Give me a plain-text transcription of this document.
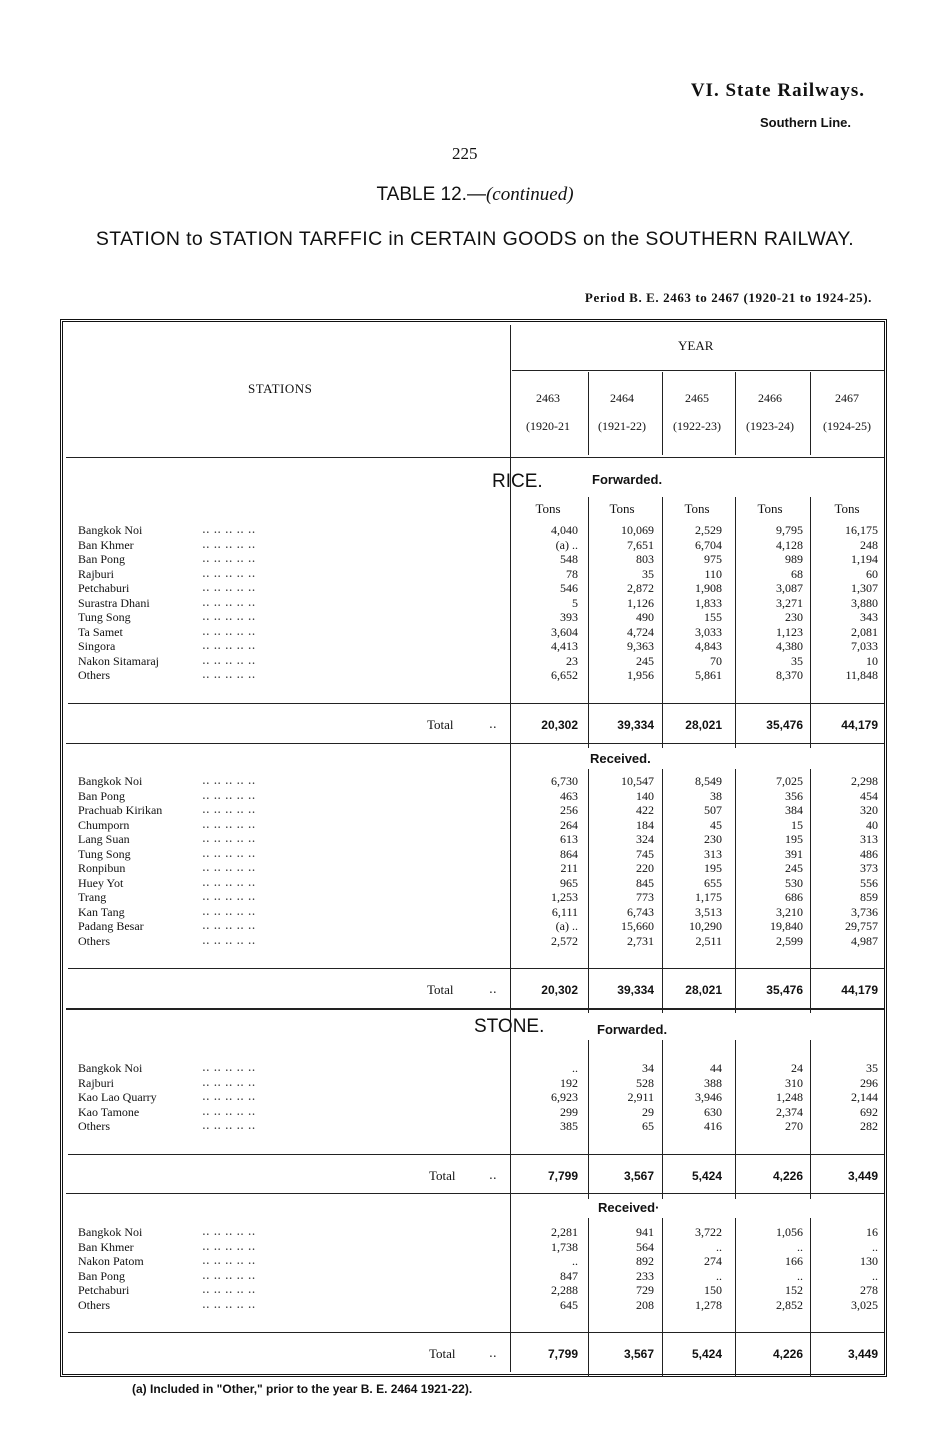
VI. State Railways.
Southern Line.
225
TABLE 12.—(continued)
STATION to STATION TARFFIC in CERTAIN GOODS on the SOUTHERN RAILWAY.
Period B. E. 2463 to 2467 (1920-21 to 1924-25).
STATIONS
YEAR
(a) Included in "Other," prior to the year B. E. 2464 1921-22).
2463
(1920-21
2464
(1921-22)
2465
(1922-23)
2466
(1923-24)
2467
(1924-25)
RICE.
Tons	Tons	Tons	Tons	Tons
Forwarded.
Bangkok Noi	.. .. .. .. ..	4,040	10,069	2,529	9,795	16,175
Ban Khmer	.. .. .. .. ..	(a) ..	7,651	6,704	4,128	248
Ban Pong	.. .. .. .. ..	548	803	975	989	1,194
Rajburi	.. .. .. .. ..	78	35	110	68	60
Petchaburi	.. .. .. .. ..	546	2,872	1,908	3,087	1,307
Surastra Dhani	.. .. .. .. ..	5	1,126	1,833	3,271	3,880
Tung Song	.. .. .. .. ..	393	490	155	230	343
Ta Samet	.. .. .. .. ..	3,604	4,724	3,033	1,123	2,081
Singora	.. .. .. .. ..	4,413	9,363	4,843	4,380	7,033
Nakon Sitamaraj	.. .. .. .. ..	23	245	70	35	10
Others	.. .. .. .. ..	6,652	1,956	5,861	8,370	11,848
Total	..	20,302	39,334	28,021	35,476	44,179
Received.
Bangkok Noi	.. .. .. .. ..	6,730	10,547	8,549	7,025	2,298
Ban Pong	.. .. .. .. ..	463	140	38	356	454
Prachuab Kirikan	.. .. .. .. ..	256	422	507	384	320
Chumporn	.. .. .. .. ..	264	184	45	15	40
Lang Suan	.. .. .. .. ..	613	324	230	195	313
Tung Song	.. .. .. .. ..	864	745	313	391	486
Ronpibun	.. .. .. .. ..	211	220	195	245	373
Huey Yot	.. .. .. .. ..	965	845	655	530	556
Trang	.. .. .. .. ..	1,253	773	1,175	686	859
Kan Tang	.. .. .. .. ..	6,111	6,743	3,513	3,210	3,736
Padang Besar	.. .. .. .. ..	(a) ..	15,660	10,290	19,840	29,757
Others	.. .. .. .. ..	2,572	2,731	2,511	2,599	4,987
Total	..	20,302	39,334	28,021	35,476	44,179
STONE.	Forwarded.
Bangkok Noi	.. .. .. .. ..	..	34	44	24	35
Rajburi	.. .. .. .. ..	192	528	388	310	296
Kao Lao Quarry	.. .. .. .. ..	6,923	2,911	3,946	1,248	2,144
Kao Tamone	.. .. .. .. ..	299	29	630	2,374	692
Others	.. .. .. .. ..	385	65	416	270	282
Total	..	7,799	3,567	5,424	4,226	3,449
Received·
Bangkok Noi	.. .. .. .. ..	2,281	941	3,722	1,056	16
Ban Khmer	.. .. .. .. ..	1,738	564	..	..	..
Nakon Patom	.. .. .. .. ..	..	892	274	166	130
Ban Pong	.. .. .. .. ..	847	233	..	..	..
Petchaburi	.. .. .. .. ..	2,288	729	150	152	278
Others	.. .. .. .. ..	645	208	1,278	2,852	3,025
Total	..	7,799	3,567	5,424	4,226	3,449
